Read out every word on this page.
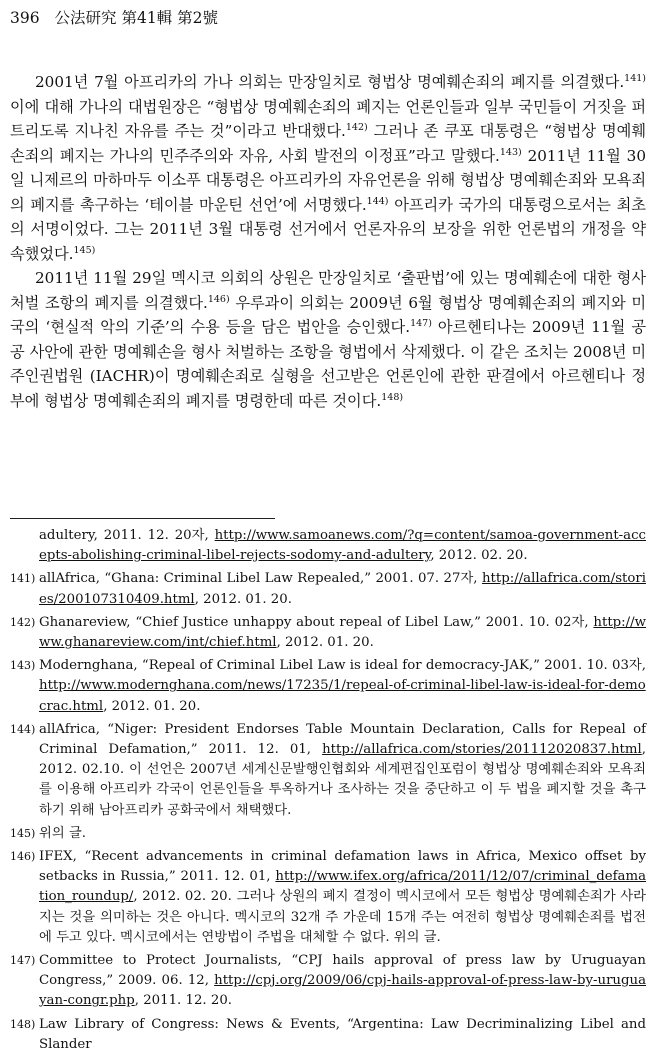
396 公法研究 第41輯 第2號

2001년 7월 아프리카의 가나 의회는 만장일치로 형법상 명예훼손죄의 폐지를 의결했다.$^{141)}$ 이에 대해 가나의 대법원장은 “형법상 명예훼손죄의 폐지는 언론인들과 일부 국민들이 거짓을 퍼트리도록 지나친 자유를 주는 것”이라고 반대했다.$^{142)}$ 그러나 존 쿠포 대통령은 “형법상 명예훼손죄의 폐지는 가나의 민주주의와 자유, 사회 발전의 이정표”라고 말했다.$^{143)}$ 2011년 11월 30일 니제르의 마하마두 이소푸 대통령은 아프리카의 자유언론을 위해 형법상 명예훼손죄와 모욕죄의 폐지를 촉구하는 ‘테이블 마운틴 선언’에 서명했다.$^{144)}$ 아프리카 국가의 대통령으로서는 최초의 서명이었다. 그는 2011년 3월 대통령 선거에서 언론자유의 보장을 위한 언론법의 개정을 약속했었다.$^{145)}$

2011년 11월 29일 멕시코 의회의 상원은 만장일치로 ‘출판법’에 있는 명예훼손에 대한 형사 처벌 조항의 폐지를 의결했다.$^{146)}$ 우루과이 의회는 2009년 6월 형법상 명예훼손죄의 폐지와 미국의 ‘현실적 악의 기준’의 수용 등을 담은 법안을 승인했다.$^{147)}$ 아르헨티나는 2009년 11월 공공 사안에 관한 명예훼손을 형사 처벌하는 조항을 형법에서 삭제했다. 이 같은 조치는 2008년 미주인권법원 (IACHR)이 명예훼손죄로 실형을 선고받은 언론인에 관한 판결에서 아르헨티나 정부에 형법상 명예훼손죄의 폐지를 명령한데 따른 것이다.$^{148)}$

adultery, 2011. 12. 20자, http://www.samoanews.com/?q=content/samoa-government-accepts-abolishing-criminal-libel-rejects-sodomy-and-adultery, 2012. 02. 20.
141) allAfrica, “Ghana: Criminal Libel Law Repealed,” 2001. 07. 27자, http://allafrica.com/stories/200107310409.html, 2012. 01. 20.
142) Ghanareview, “Chief Justice unhappy about repeal of Libel Law,” 2001. 10. 02자, http://www.ghanareview.com/int/chief.html, 2012. 01. 20.
143) Modernghana, “Repeal of Criminal Libel Law is ideal for democracy-JAK,” 2001. 10. 03자, http://www.modernghana.com/news/17235/1/repeal-of-criminal-libel-law-is-ideal-for-democrac.html, 2012. 01. 20.
144) allAfrica, “Niger: President Endorses Table Mountain Declaration, Calls for Repeal of Criminal Defamation,” 2011. 12. 01, http://allafrica.com/stories/201112020837.html, 2012. 02.10. 이 선언은 2007년 세계신문발행인협회와 세계편집인포럼이 형법상 명예훼손죄와 모욕죄를 이용해 아프리카 각국이 언론인들을 투옥하거나 조사하는 것을 중단하고 이 두 법을 폐지할 것을 촉구하기 위해 남아프리카 공화국에서 채택했다.
145) 위의 글.
146) IFEX, “Recent advancements in criminal defamation laws in Africa, Mexico offset by setbacks in Russia,” 2011. 12. 01, http://www.ifex.org/africa/2011/12/07/criminal_defamation_roundup/, 2012. 02. 20. 그러나 상원의 폐지 결정이 멕시코에서 모든 형법상 명예훼손죄가 사라지는 것을 의미하는 것은 아니다. 멕시코의 32개 주 가운데 15개 주는 여전히 형법상 명예훼손죄를 법전에 두고 있다. 멕시코에서는 연방법이 주법을 대체할 수 없다. 위의 글.
147) Committee to Protect Journalists, “CPJ hails approval of press law by Uruguayan Congress,” 2009. 06. 12, http://cpj.org/2009/06/cpj-hails-approval-of-press-law-by-uruguayan-congr.php, 2011. 12. 20.
148) Law Library of Congress: News & Events, “Argentina: Law Decriminalizing Libel and Slander
